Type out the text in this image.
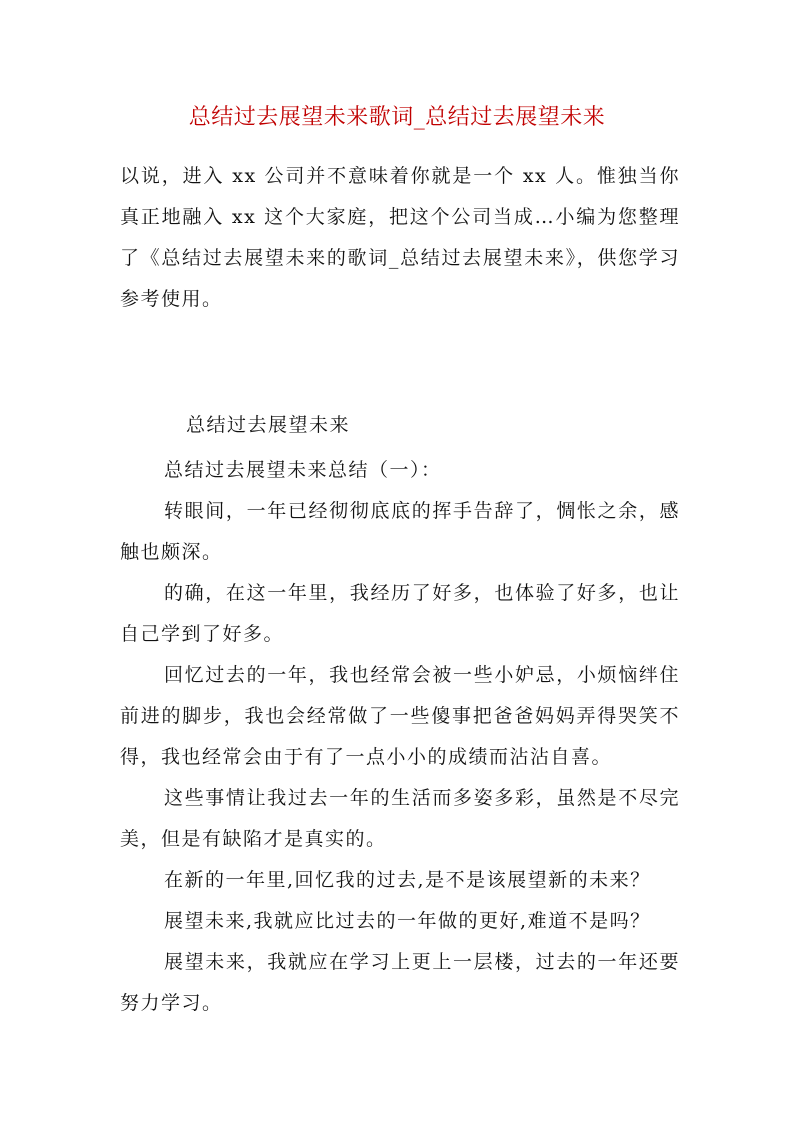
总结过去展望未来歌词_总结过去展望未来

以说，进入 xx 公司并不意味着你就是一个 xx 人。惟独当你真正地融入 xx 这个大家庭，把这个公司当成…小编为您整理了《总结过去展望未来的歌词_总结过去展望未来》，供您学习参考使用。

总结过去展望未来

总结过去展望未来总结（一）：

转眼间，一年已经彻彻底底的挥手告辞了，惆怅之余，感触也颇深。

的确，在这一年里，我经历了好多，也体验了好多，也让自己学到了好多。

回忆过去的一年，我也经常会被一些小妒忌，小烦恼绊住前进的脚步，我也会经常做了一些傻事把爸爸妈妈弄得哭笑不得，我也经常会由于有了一点小小的成绩而沾沾自喜。

这些事情让我过去一年的生活而多姿多彩，虽然是不尽完美，但是有缺陷才是真实的。

在新的一年里,回忆我的过去,是不是该展望新的未来？

展望未来,我就应比过去的一年做的更好,难道不是吗？

展望未来，我就应在学习上更上一层楼，过去的一年还要努力学习。
